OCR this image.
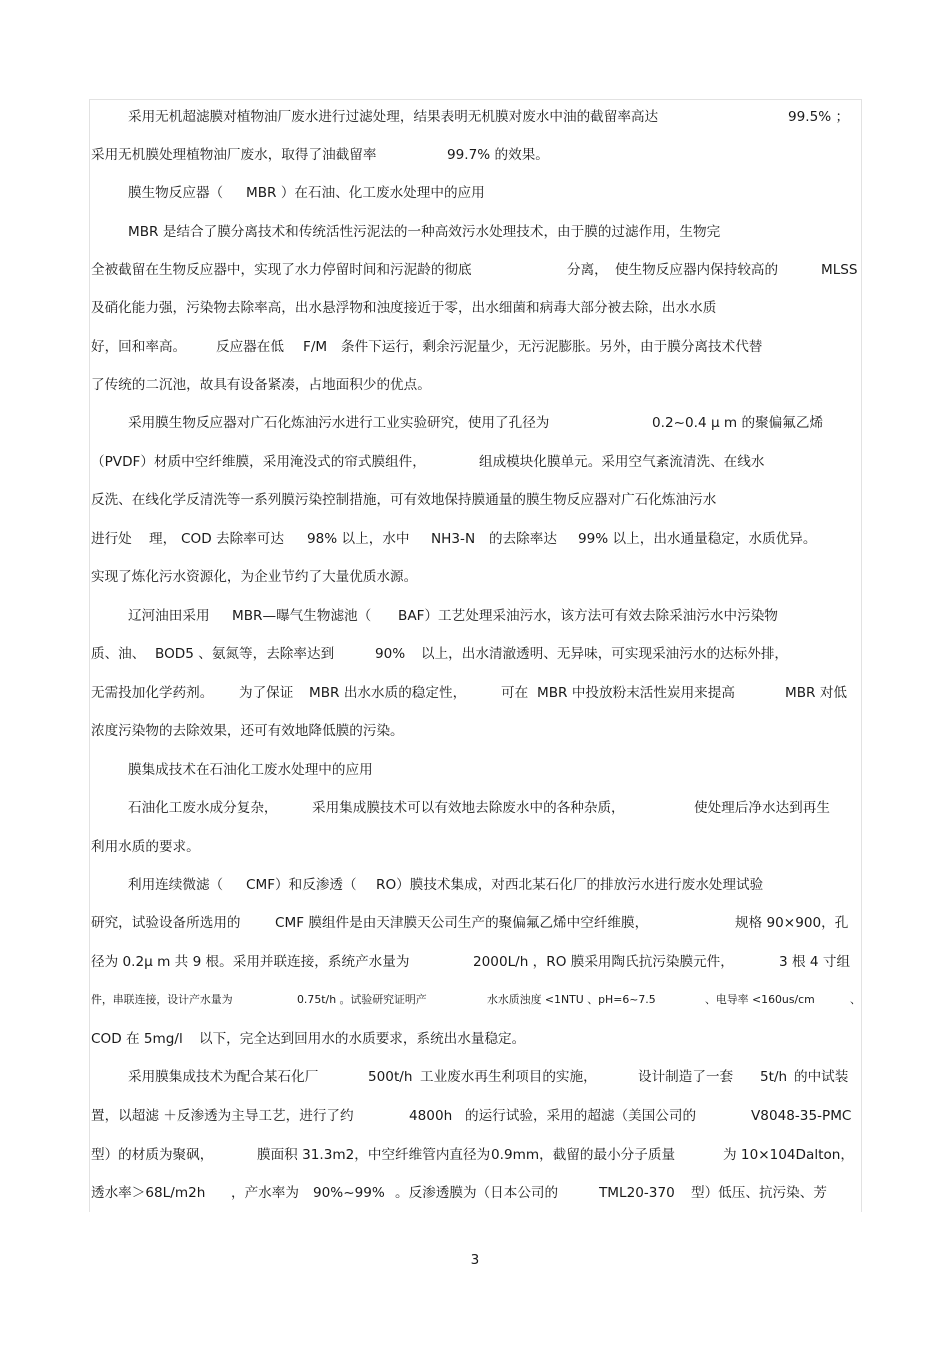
采用无机超滤膜对植物油厂废水进行过滤处理，结果表明无机膜对废水中油的截留率高达	99.5% ；

采用无机膜处理植物油厂废水，取得了油截留率	99.7% 的效果。

膜生物反应器（ MBR ）在石油、化工废水处理中的应用

MBR 是结合了膜分离技术和传统活性污泥法的一种高效污水处理技术，由于膜的过滤作用，生物完

全被截留在生物反应器中，实现了水力停留时间和污泥龄的彻底	分离， 使生物反应器内保持较高的	MLSS

及硝化能力强，污染物去除率高，出水悬浮物和浊度接近于零，出水细菌和病毒大部分被去除，出水水质

好，回和率高。 反应器在低 F/M 条件下运行，剩余污泥量少，无污泥膨胀。另外，由于膜分离技术代替

了传统的二沉池，故具有设备紧凑，占地面积少的优点。

采用膜生物反应器对广石化炼油污水进行工业实验研究，使用了孔径为	0.2~0.4 μ m 的聚偏氟乙烯

（PVDF）材质中空纤维膜，采用淹没式的帘式膜组件，	组成模块化膜单元。采用空气紊流清洗、在线水

反洗、在线化学反清洗等一系列膜污染控制措施，可有效地保持膜通量的膜生物反应器对广石化炼油污水

进行处 理， COD 去除率可达 98% 以上，水中 NH3-N 的去除率达 99% 以上，出水通量稳定，水质优异。

实现了炼化污水资源化，为企业节约了大量优质水源。

辽河油田采用 MBR—曝气生物滤池（ BAF）工艺处理采油污水，该方法可有效去除采油污水中污染物

质、油、 BOD5 、氨氮等，去除率达到	90% 以上，出水清澈透明、无异味，可实现采油污水的达标外排，

无需投加化学药剂。 为了保证 MBR 出水水质的稳定性，	可在 MBR 中投放粉末活性炭用来提高	MBR 对低

浓度污染物的去除效果，还可有效地降低膜的污染。

膜集成技术在石油化工废水处理中的应用

石油化工废水成分复杂，	采用集成膜技术可以有效地去除废水中的各种杂质，	使处理后净水达到再生

利用水质的要求。

利用连续微滤（ CMF）和反渗透（ RO）膜技术集成，对西北某石化厂的排放污水进行废水处理试验

研究，试验设备所选用的	CMF 膜组件是由天津膜天公司生产的聚偏氟乙烯中空纤维膜，	规格 90×900，孔

径为 0.2μ m 共 9 根。采用并联连接，系统产水量为	2000L/h ，RO 膜采用陶氏抗污染膜元件，	3 根 4 寸组

件，串联连接，设计产水量为	0.75t/h 。试验研究证明产	水水质浊度 <1NTU 、pH=6~7.5	、电导率 <160us/cm	、

COD 在 5mg/l 以下，完全达到回用水的水质要求，系统出水量稳定。

采用膜集成技术为配合某石化厂	500t/h 工业废水再生利项目的实施，	设计制造了一套 5t/h 的中试装

置，以超滤 ＋反渗透为主导工艺，进行了约	4800h 的运行试验，采用的超滤（美国公司的	V8048-35-PMC

型）的材质为聚砜，	膜面积 31.3m2，中空纤维管内直径为 0.9mm，截留的最小分子质量	为 10×104Dalton，

透水率＞68L/m2h ，产水率为 90%~99% 。反渗透膜为（日本公司的	TML20-370 型）低压、抗污染、芳

3
